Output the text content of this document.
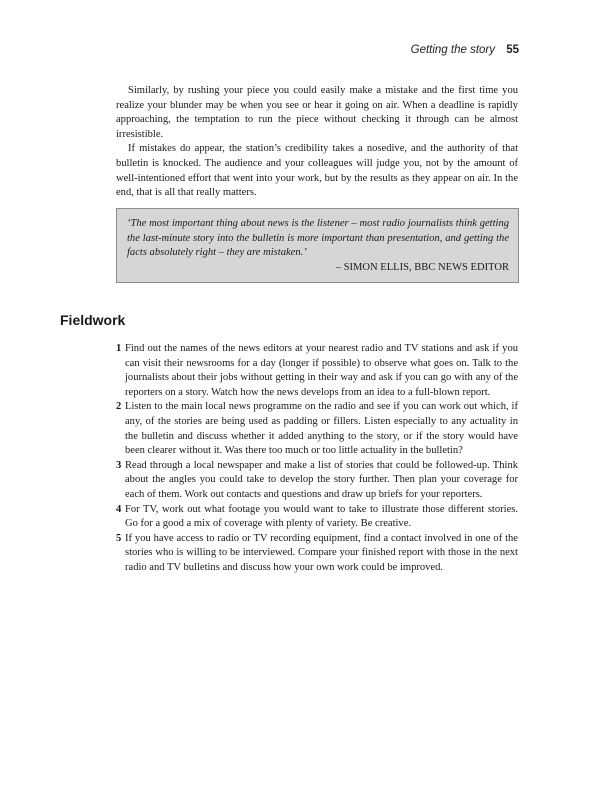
Getting the story 55

Similarly, by rushing your piece you could easily make a mistake and the first time you realize your blunder may be when you see or hear it going on air. When a deadline is rapidly approaching, the temptation to run the piece without checking it through can be almost irresistible.

If mistakes do appear, the station’s credibility takes a nosedive, and the authority of that bulletin is knocked. The audience and your colleagues will judge you, not by the amount of well-intentioned effort that went into your work, but by the results as they appear on air. In the end, that is all that really matters.

‘The most important thing about news is the listener – most radio journalists think getting the last-minute story into the bulletin is more important than presentation, and getting the facts absolutely right – they are mistaken.’

– SIMON ELLIS, BBC NEWS EDITOR

Fieldwork
1 Find out the names of the news editors at your nearest radio and TV stations and ask if you can visit their newsrooms for a day (longer if possible) to observe what goes on. Talk to the journalists about their jobs without getting in their way and ask if you can go with any of the reporters on a story. Watch how the news develops from an idea to a full-blown report.
2 Listen to the main local news programme on the radio and see if you can work out which, if any, of the stories are being used as padding or fillers. Listen especially to any actuality in the bulletin and discuss whether it added anything to the story, or if the story would have been clearer without it. Was there too much or too little actuality in the bulletin?
3 Read through a local newspaper and make a list of stories that could be followed-up. Think about the angles you could take to develop the story further. Then plan your coverage for each of them. Work out contacts and questions and draw up briefs for your reporters.
4 For TV, work out what footage you would want to take to illustrate those different stories. Go for a good a mix of coverage with plenty of variety. Be creative.
5 If you have access to radio or TV recording equipment, find a contact involved in one of the stories who is willing to be interviewed. Compare your finished report with those in the next radio and TV bulletins and discuss how your own work could be improved.
